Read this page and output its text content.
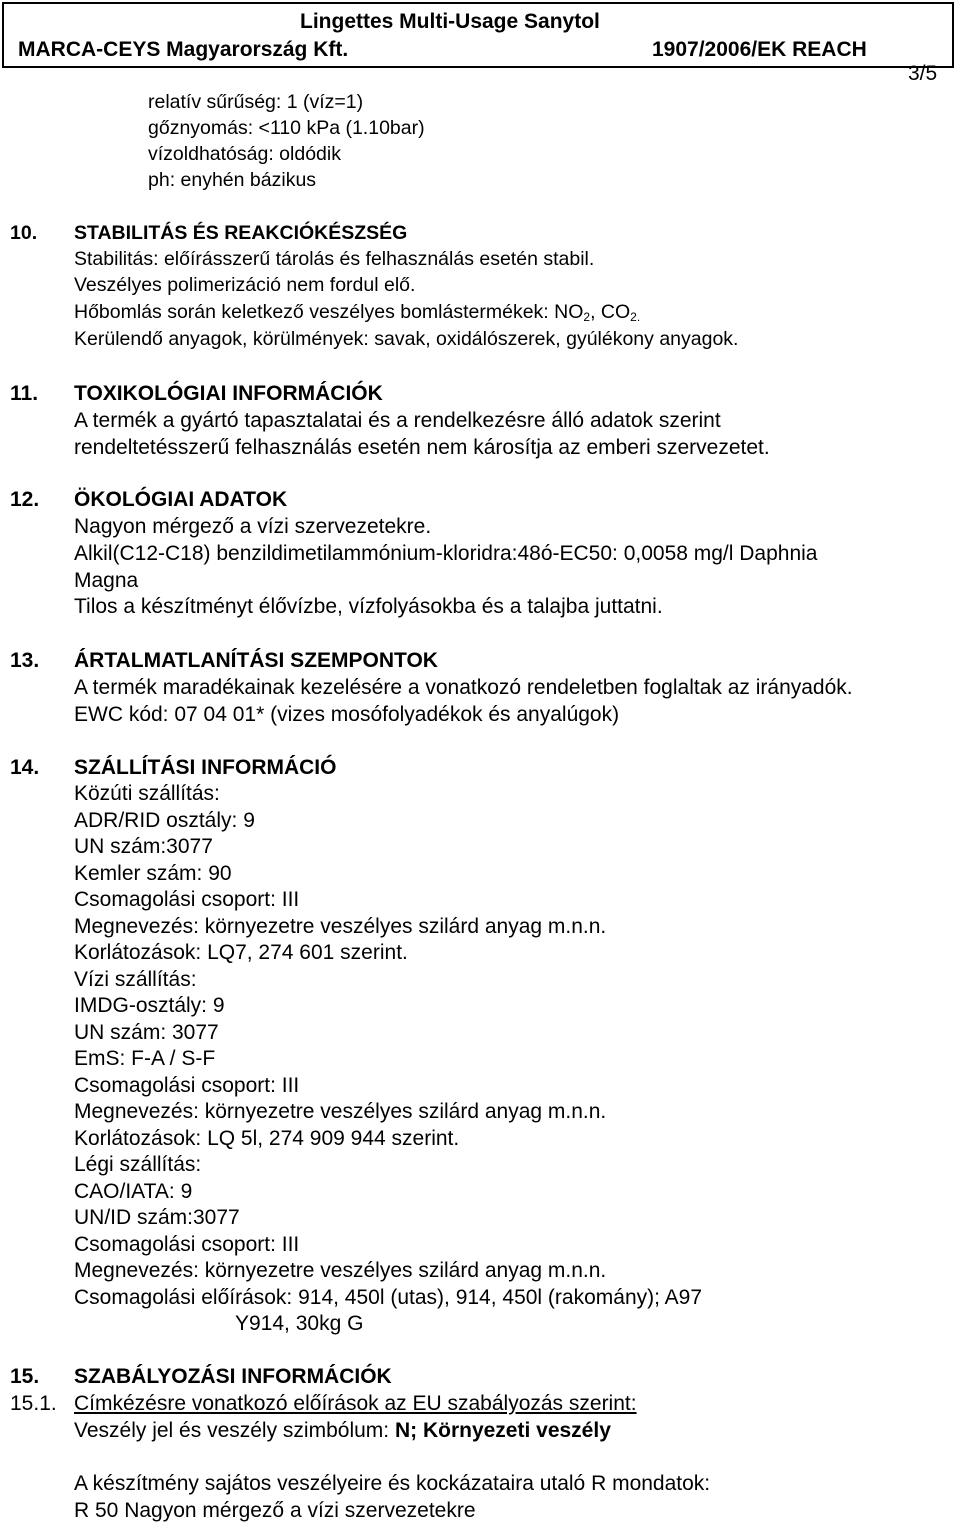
Lingettes Multi-Usage Sanytol
MARCA-CEYS Magyarország Kft.	1907/2006/EK REACH
3/5
relatív sűrűség: 1 (víz=1)
gőznyomás: <110 kPa (1.10bar)
vízoldhatóság: oldódik
ph: enyhén bázikus
10. STABILITÁS ÉS REAKCIÓKÉSZSÉG
Stabilitás: előírásszerű tárolás és felhasználás esetén stabil.
Veszélyes polimerizáció nem fordul elő.
Hőbomlás során keletkező veszélyes bomlástermékek: $NO_2$, $CO_{2.}$
Kerülendő anyagok, körülmények: savak, oxidálószerek, gyúlékony anyagok.
11. TOXIKOLÓGIAI INFORMÁCIÓK
A termék a gyártó tapasztalatai és a rendelkezésre álló adatok szerint
rendeltetésszerű felhasználás esetén nem károsítja az emberi szervezetet.
12. ÖKOLÓGIAI ADATOK
Nagyon mérgező a vízi szervezetekre.
Alkil(C12-C18) benzildimetilammónium-kloridra:48ó-EC50: 0,0058 mg/l Daphnia
Magna
Tilos a készítményt élővízbe, vízfolyásokba és a talajba juttatni.
13. ÁRTALMATLANÍTÁSI SZEMPONTOK
A termék maradékainak kezelésére a vonatkozó rendeletben foglaltak az irányadók.
EWC kód: 07 04 01* (vizes mosófolyadékok és anyalúgok)
14. SZÁLLÍTÁSI INFORMÁCIÓ
Közúti szállítás:
ADR/RID osztály: 9
UN szám:3077
Kemler szám: 90
Csomagolási csoport: III
Megnevezés: környezetre veszélyes szilárd anyag m.n.n.
Korlátozások: LQ7, 274 601 szerint.
Vízi szállítás:
IMDG-osztály: 9
UN szám: 3077
EmS: F-A / S-F
Csomagolási csoport: III
Megnevezés: környezetre veszélyes szilárd anyag m.n.n.
Korlátozások: LQ 5l, 274 909 944 szerint.
Légi szállítás:
CAO/IATA: 9
UN/ID szám:3077
Csomagolási csoport: III
Megnevezés: környezetre veszélyes szilárd anyag m.n.n.
Csomagolási előírások: 914, 450l (utas), 914, 450l (rakomány); A97
Y914, 30kg G
15. SZABÁLYOZÁSI INFORMÁCIÓK
15.1. Címkézésre vonatkozó előírások az EU szabályozás szerint:
Veszély jel és veszély szimbólum: N; Környezeti veszély
A készítmény sajátos veszélyeire és kockázataira utaló R mondatok:
R 50 Nagyon mérgező a vízi szervezetekre
